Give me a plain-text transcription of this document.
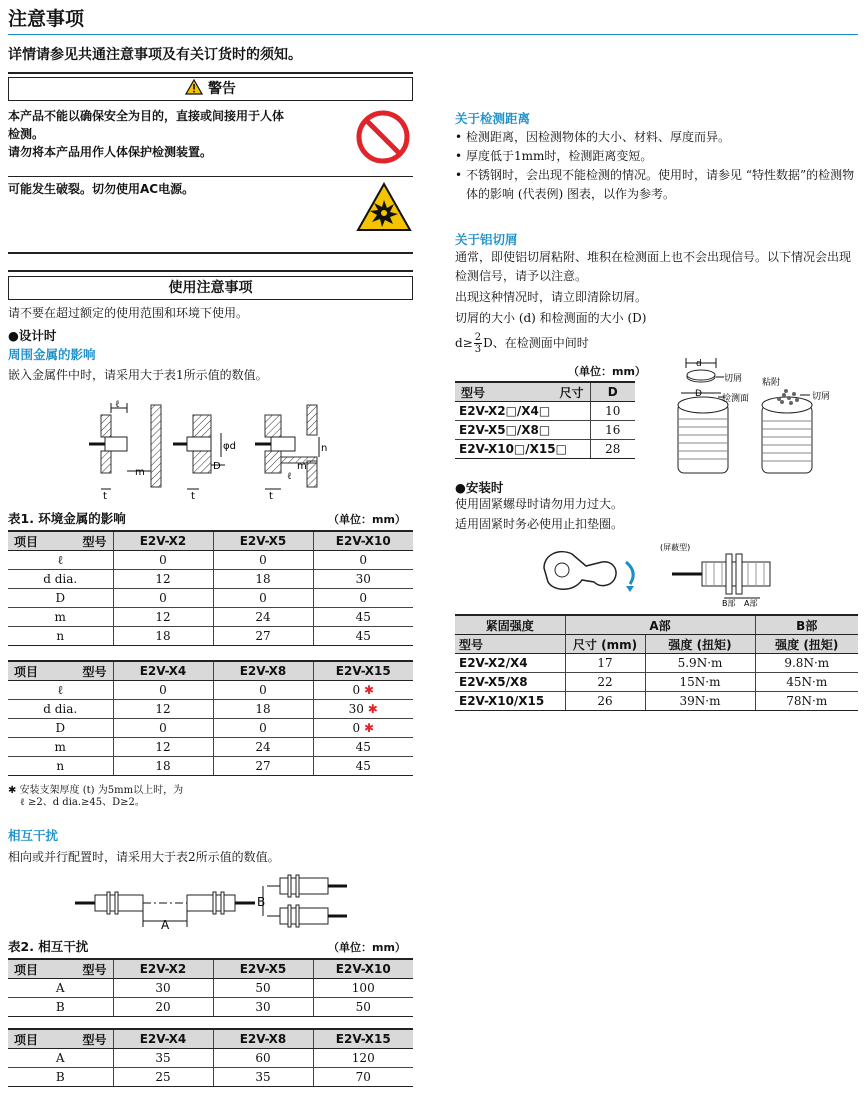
注意事项
详情请参见共通注意事项及有关订货时的须知。
警告
本产品不能以确保安全为目的，直接或间接用于人体
检测。
请勿将本产品用作人体保护检测装置。
可能发生破裂。切勿使用AC电源。
使用注意事项
请不要在超过额定的使用范围和环境下使用。
●设计时
周围金属的影响
嵌入金属件中时，请采用大于表1所示值的数值。
ℓ
m
t
φd
D
t
n
m
ℓ
t
表1. 环境金属的影响	（单位：mm）
项目 型号	E2V-X2	E2V-X5	E2V-X10
ℓ	0	0	0
d dia.	12	18	30
D	0	0	0
m	12	24	45
n	18	27	45
项目 型号	E2V-X4	E2V-X8	E2V-X15
ℓ	0	0	0 ✱
d dia.	12	18	30 ✱
D	0	0	0 ✱
m	12	24	45
n	18	27	45
✱ 安装支架厚度 (t) 为5mm以上时，为
ℓ ≥2、d dia.≥45、D≥2。
相互干扰
相向或并行配置时，请采用大于表2所示值的数值。
A
B
表2. 相互干扰	（单位：mm）
项目 型号	E2V-X2	E2V-X5	E2V-X10
A	30	50	100
B	20	30	50
项目 型号	E2V-X4	E2V-X8	E2V-X15
A	35	60	120
B	25	35	70
关于检测距离
• 检测距离，因检测物体的大小、材料、厚度而异。
• 厚度低于1mm时，检测距离变短。
• 不锈钢时，会出现不能检测的情况。使用时，请参见 “特性数据”的检测物体的影响 (代表例) 图表，以作为参考。
关于铝切屑
通常，即使铝切屑粘附、堆积在检测面上也不会出现信号。以下情况会出现检测信号，请予以注意。
出现这种情况时，请立即清除切屑。
切屑的大小 (d) 和检测面的大小 (D)
$d\ge \frac{2}{3}$ D、在检测面中间时
（单位：mm）
型号 尺寸	D
E2V-X2□/X4□	10
E2V-X5□/X8□	16
E2V-X10□/X15□	28
d
D
切屑
检测面
粘附
切屑
●安装时
使用固紧螺母时请勿用力过大。
适用固紧时务必使用止扣垫圈。
(屏蔽型)
B部 A部
紧固强度	A部		B部
型号	尺寸 (mm)	强度 (扭矩)	强度 (扭矩)
E2V-X2/X4	17	5.9N·m	9.8N·m
E2V-X5/X8	22	15N·m	45N·m
E2V-X10/X15	26	39N·m	78N·m
